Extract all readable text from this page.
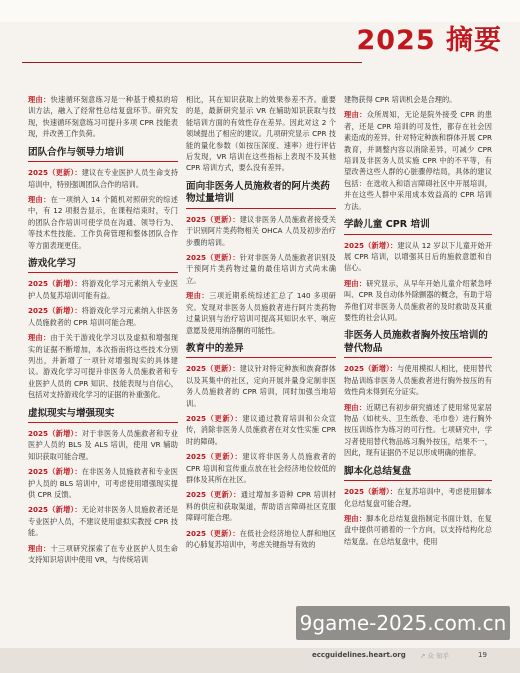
2025 摘要

理由：快速循环刻意练习是一种基于模拟的培训方法，融入了经常性总结复盘环节。研究发现，快速循环刻意练习可提升多项 CPR 技能表现，并改善工作负荷。

团队合作与领导力培训

2025（更新）：建议在专业医护人员生命支持培训中，特别强调团队合作的培训。

理由：在一项纳入 14 个随机对照研究的综述中，有 12 项报告显示，在课程结束时，专门的团队合作培训可使学员在沟通、领导行为、等技术性技能、工作负荷管理和整体团队合作等方面表现更佳。

游戏化学习

2025（新增）：将游戏化学习元素纳入专业医护人员复苏培训可能有益。

2025（新增）：将游戏化学习元素纳入非医务人员施救者的 CPR 培训可能合理。

理由：由于关于游戏化学习以及虚拟和增强现实的证据不断增加，本次指南将这些技术分别列出，并新增了一项针对增强现实的具体建议。游戏化学习可提升非医务人员施救者和专业医护人员的 CPR 知识、技能表现与自信心，包括对支持游戏化学习的证据的补重强化。

虚拟现实与增强现实

2025（新增）：对于非医务人员施救者和专业医护人员的 BLS 及 ALS 培训，使用 VR 辅助知识获取可能合理。

2025（新增）：在非医务人员施救者和专业医护人员的 BLS 培训中，可考虑使用增强现实提供 CPR 反馈。

2025（新增）：无论对非医务人员施救者还是专业医护人员，不建议使用虚拟实教授 CPR 技能。

理由：十三项研究探索了在专业医护人员生命支持知识培训中使用 VR，与传统培训

相比，其在知识获取上的效果参差不齐。重要的是，最新研究显示 VR 在辅助知识获取与技能培训方面的有效性存在差异。因此对这 2 个领域提出了相应的建议。几项研究显示 CPR 技能的量化参数（如按压深度、速率）进行评估后发现，VR 培训在这些指标上表现不及其他 CPR 培训方式，要么没有差异。

面向非医务人员施救者的阿片类药物过量培训

2025（更新）：建议非医务人员施救者接受关于识别阿片类药物相关 OHCA 人员及初步治疗步骤的培训。

2025（更新）：针对非医务人员施救者识别及干预阿片类药物过量的最佳培训方式尚未确立。

理由：三项近期系统综述汇总了 140 多项研究。发现对非医务人员施救者进行阿片类药物过量识别与治疗培训可提高其知识水平、响应意愿及使用纳洛酮的可能性。

教育中的差异

2025（更新）：建议针对特定种族和族裔群体以及其集中的社区，定向开展并量身定制非医务人员施救者的 CPR 培训，同时加强当地培训。

2025（更新）：建议通过教育培训和公众宣传，消除非医务人员施救者在对女性实施 CPR 时的障碍。

2025（更新）：建议将非医务人员施救者的 CPR 培训和宣传重点放在社会经济地位较低的群体及其所在社区。

2025（更新）：通过增加多语种 CPR 培训材料的供应和获取渠道，帮助语言障碍社区克服障碍可能合理。

2025（更新）：在低社会经济地位人群和地区的心肺复苏培训中，考虑关键指导有效的

建物获得 CPR 培训机会是合理的。

理由：众所周知，无论是院外接受 CPR 的患者，还是 CPR 培训的可及性，都存在社会因素造成的差异。针对特定种族和群体开展 CPR 教育，并调整内容以消除差异，可减少 CPR 培训及非医务人员实施 CPR 中的不平等，有望改善这些人群的心脏骤停结局，具体的建议包括：在选收入和语言障碍社区中开展培训，并在这些人群中采用成本效益高的 CPR 培训方法。

学龄儿童 CPR 培训

2025（新增）：建议从 12 岁以下儿童开始开展 CPR 培训，以增强其日后的施救意愿和自信心。

理由：研究显示，从早年开始儿童介绍紧急呼叫、CPR 及自动体外除颤器的概念，有助于培养他们对非医务人员施救者的及时救助及其重要性的社会认同。

非医务人员施救者胸外按压培训的替代物品

2025（新增）：与使用模拟人相比，使用替代物品训练非医务人员施救者进行胸外按压的有效性尚未得到充分证实。

理由：近期已有初步研究描述了使用常见家居物品（如枕头、卫生纸卷、毛巾卷）进行胸外按压训练作为练习的可行性。七项研究中，学习者使用替代物品练习胸外按压，结果不一，因此，现有证据仍不足以形成明确的推荐。

脚本化总结复盘

2025（新增）：在复苏培训中，考虑使用脚本化总结复盘可能合理。

理由：脚本化总结复盘指制定书面计划，在复盘中提供可循着的一个方向，以支持结构化总结复盘。在总结复盘中，使用

9game-2025.com.cn
eccguidelines.heart.org ↗ 众 知乎	19
